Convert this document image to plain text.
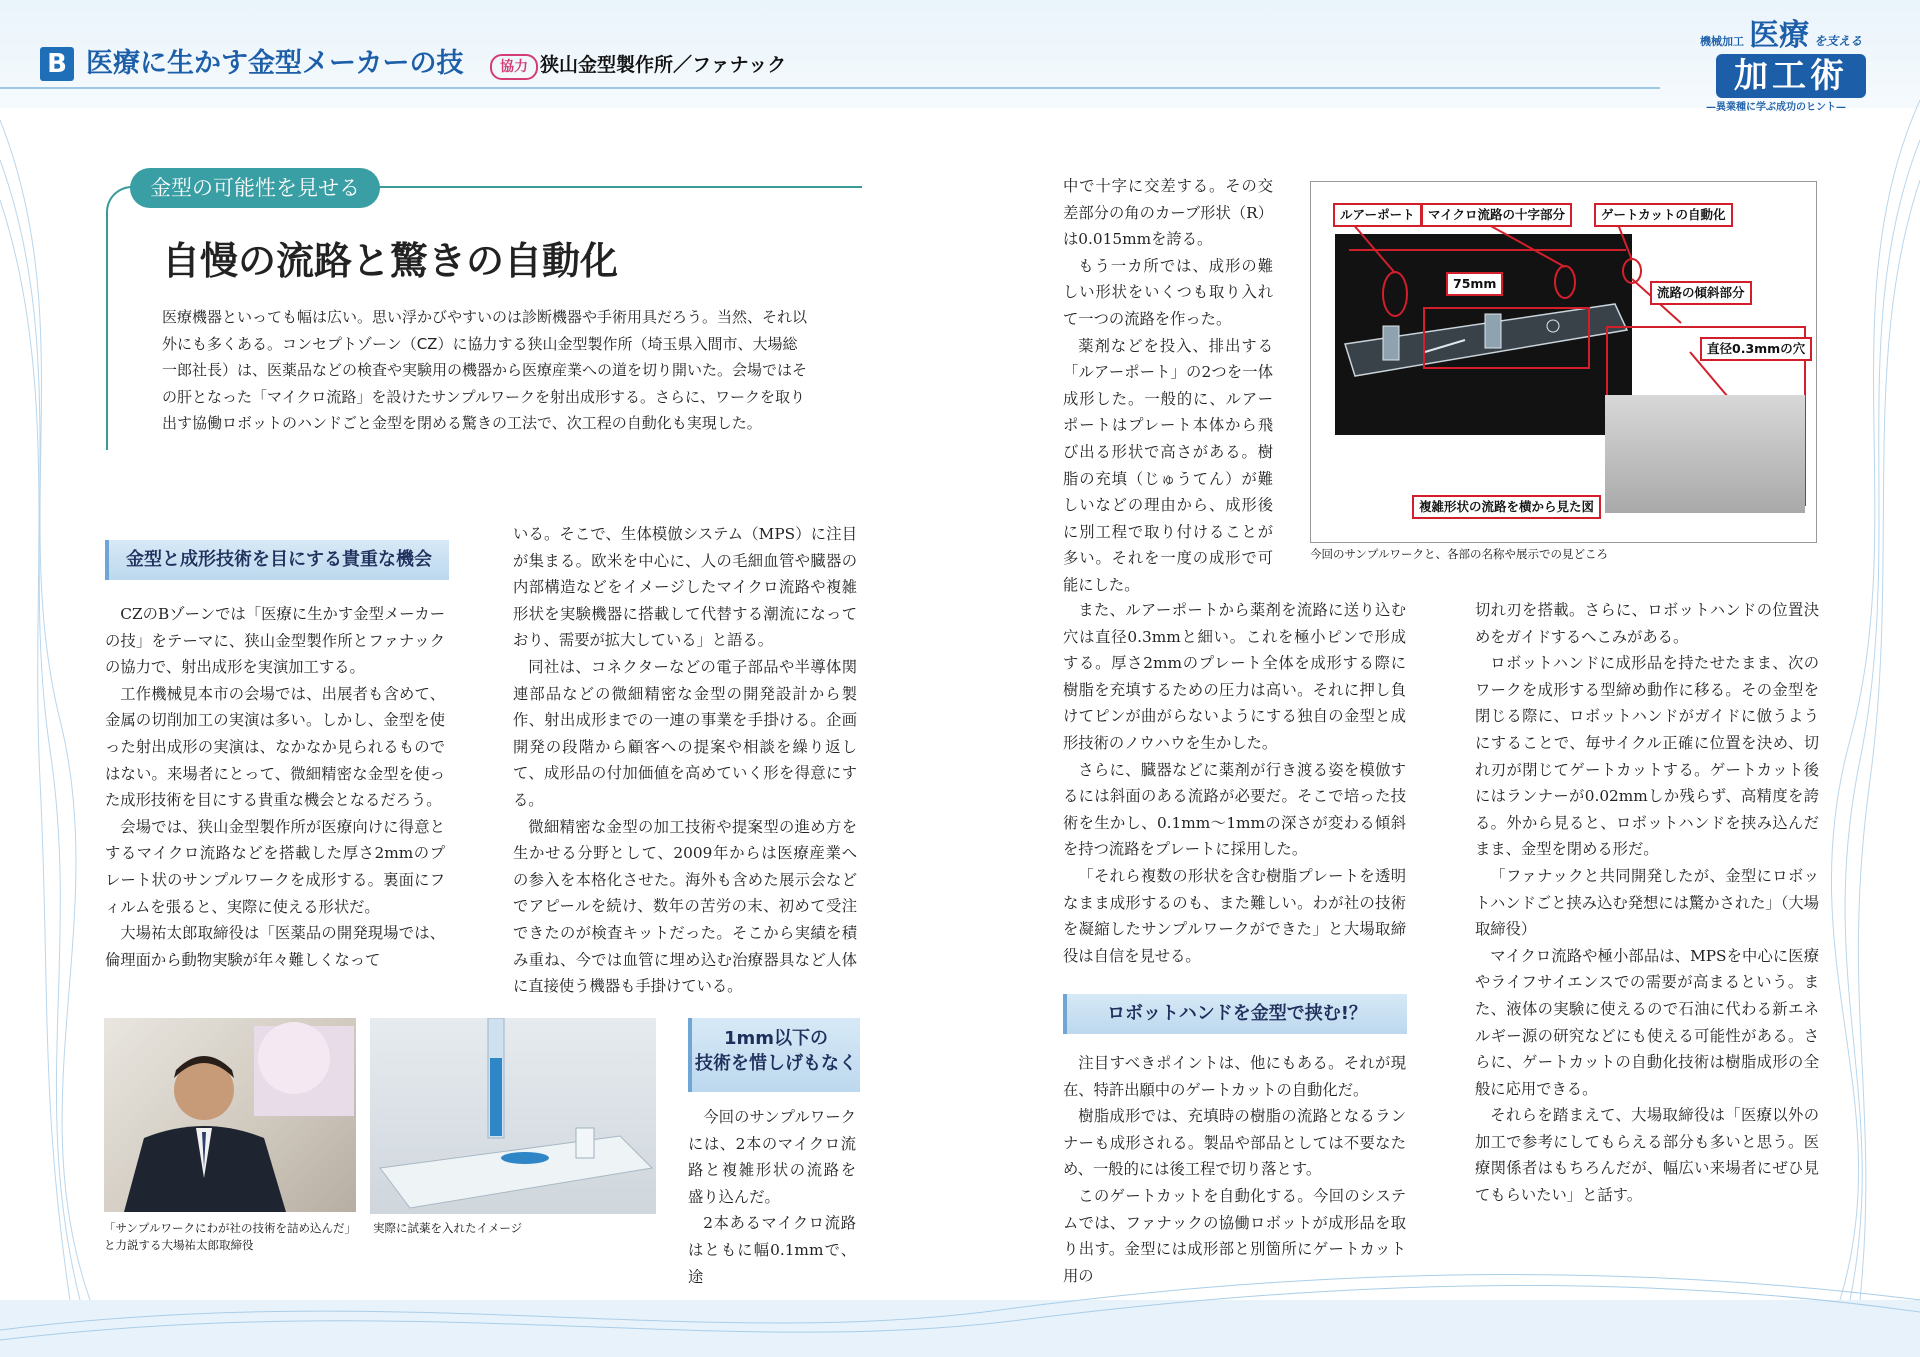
B 医療に生かす金型メーカーの技	協力 狭山金型製作所／ファナック
機械加工 医療 を支える
加工術
—異業種に学ぶ成功のヒント—
金型の可能性を見せる
自慢の流路と驚きの自動化
医療機器といっても幅は広い。思い浮かびやすいのは診断機器や手術用具だろう。当然、それ以外にも多くある。コンセプトゾーン（CZ）に協力する狭山金型製作所（埼玉県入間市、大場総一郎社長）は、医薬品などの検査や実験用の機器から医療産業への道を切り開いた。会場ではその肝となった「マイクロ流路」を設けたサンプルワークを射出成形する。さらに、ワークを取り出す協働ロボットのハンドごと金型を閉める驚きの工法で、次工程の自動化も実現した。
金型と成形技術を目にする貴重な機会

CZのBゾーンでは「医療に生かす金型メーカーの技」をテーマに、狭山金型製作所とファナックの協力で、射出成形を実演加工する。

工作機械見本市の会場では、出展者も含めて、金属の切削加工の実演は多い。しかし、金型を使った射出成形の実演は、なかなか見られるものではない。来場者にとって、微細精密な金型を使った成形技術を目にする貴重な機会となるだろう。

会場では、狭山金型製作所が医療向けに得意とするマイクロ流路などを搭載した厚さ2mmのプレート状のサンプルワークを成形する。裏面にフィルムを張ると、実際に使える形状だ。

大場祐太郎取締役は「医薬品の開発現場では、倫理面から動物実験が年々難しくなって

いる。そこで、生体模倣システム（MPS）に注目が集まる。欧米を中心に、人の毛細血管や臓器の内部構造などをイメージしたマイクロ流路や複雑形状を実験機器に搭載して代替する潮流になっており、需要が拡大している」と語る。

同社は、コネクターなどの電子部品や半導体関連部品などの微細精密な金型の開発設計から製作、射出成形までの一連の事業を手掛ける。企画開発の段階から顧客への提案や相談を繰り返して、成形品の付加価値を高めていく形を得意にする。

微細精密な金型の加工技術や提案型の進め方を生かせる分野として、2009年からは医療産業への参入を本格化させた。海外も含めた展示会などでアピールを続け、数年の苦労の末、初めて受注できたのが検査キットだった。そこから実績を積み重ね、今では血管に埋め込む治療器具など人体に直接使う機器も手掛けている。

「サンプルワークにわが社の技術を詰め込んだ」と力説する大場祐太郎取締役
実際に試薬を入れたイメージ
1mm以下の
技術を惜しげもなく

今回のサンプルワークには、2本のマイクロ流路と複雑形状の流路を盛り込んだ。

2本あるマイクロ流路はともに幅0.1mmで、途

中で十字に交差する。その交差部分の角のカーブ形状（R）は0.015mmを誇る。

もう一カ所では、成形の難しい形状をいくつも取り入れて一つの流路を作った。

薬剤などを投入、排出する「ルアーポート」の2つを一体成形した。一般的に、ルアーポートはプレート本体から飛び出る形状で高さがある。樹脂の充填（じゅうてん）が難しいなどの理由から、成形後に別工程で取り付けることが多い。それを一度の成形で可能にした。

また、ルアーポートから薬剤を流路に送り込む穴は直径0.3mmと細い。これを極小ピンで形成する。厚さ2mmのプレート全体を成形する際に樹脂を充填するための圧力は高い。それに押し負けてピンが曲がらないようにする独自の金型と成形技術のノウハウを生かした。

さらに、臓器などに薬剤が行き渡る姿を模倣するには斜面のある流路が必要だ。そこで培った技術を生かし、0.1mm～1mmの深さが変わる傾斜を持つ流路をプレートに採用した。

「それら複数の形状を含む樹脂プレートを透明なまま成形するのも、また難しい。わが社の技術を凝縮したサンプルワークができた」と大場取締役は自信を見せる。

ロボットハンドを金型で挟む!？

注目すべきポイントは、他にもある。それが現在、特許出願中のゲートカットの自動化だ。

樹脂成形では、充填時の樹脂の流路となるランナーも成形される。製品や部品としては不要なため、一般的には後工程で切り落とす。

このゲートカットを自動化する。今回のシステムでは、ファナックの協働ロボットが成形品を取り出す。金型には成形部と別箇所にゲートカット用の

切れ刃を搭載。さらに、ロボットハンドの位置決めをガイドするへこみがある。

ロボットハンドに成形品を持たせたまま、次のワークを成形する型締め動作に移る。その金型を閉じる際に、ロボットハンドがガイドに倣うようにすることで、毎サイクル正確に位置を決め、切れ刃が閉じてゲートカットする。ゲートカット後にはランナーが0.02mmしか残らず、高精度を誇る。外から見ると、ロボットハンドを挟み込んだまま、金型を閉める形だ。

「ファナックと共同開発したが、金型にロボットハンドごと挟み込む発想には驚かされた」（大場取締役）

マイクロ流路や極小部品は、MPSを中心に医療やライフサイエンスでの需要が高まるという。また、液体の実験に使えるので石油に代わる新エネルギー源の研究などにも使える可能性がある。さらに、ゲートカットの自動化技術は樹脂成形の全般に応用できる。

それらを踏まえて、大場取締役は「医療以外の加工で参考にしてもらえる部分も多いと思う。医療関係者はもちろんだが、幅広い来場者にぜひ見てもらいたい」と話す。

ルアーポート	マイクロ流路の十字部分	ゲートカットの自動化
75mm
流路の傾斜部分
直径0.3mmの穴
複雑形状の流路を横から見た図
今回のサンプルワークと、各部の名称や展示での見どころ
